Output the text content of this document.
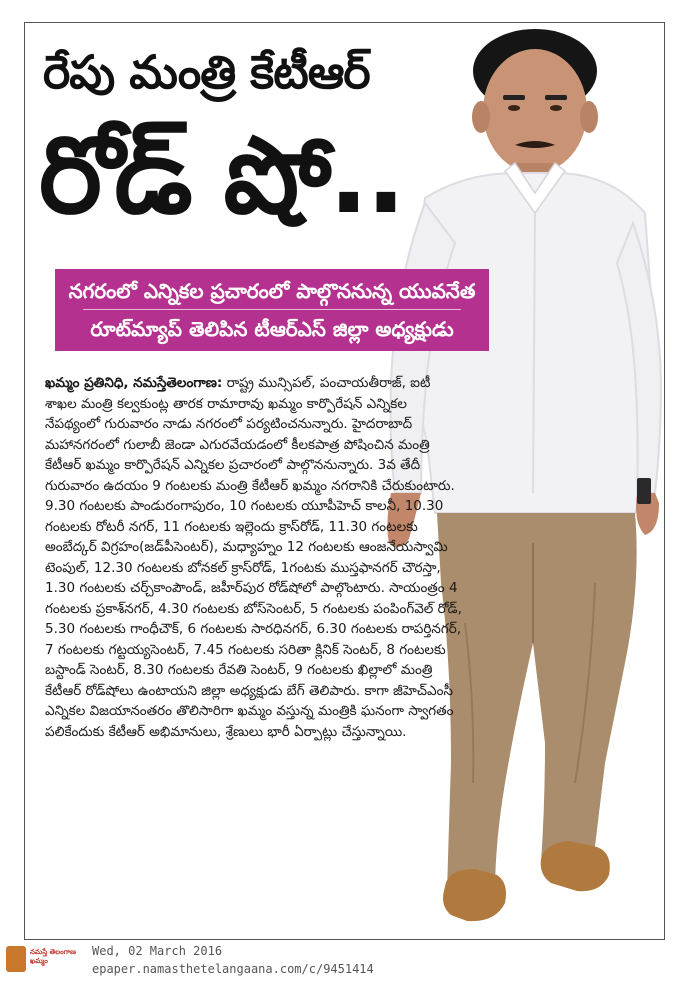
రేపు మంత్రి కేటీఆర్
రోడ్ షో..
నగరంలో ఎన్నికల ప్రచారంలో పాల్గొననున్న యువనేత
రూట్‌మ్యాప్ తెలిపిన టీఆర్ఎస్ జిల్లా అధ్యక్షుడు

ఖమ్మం ప్రతినిధి, నమస్తేతెలంగాణ: రాష్ట్ర మున్సిపల్, పంచాయతీరాజ్, ఐటీ శాఖల మంత్రి కల్వకుంట్ల తారక రామారావు ఖమ్మం కార్పొరేషన్ ఎన్నికల నేపథ్యంలో గురువారం నాడు నగరంలో పర్యటించనున్నారు. హైదరాబాద్ మహానగరంలో గులాబీ జెండా ఎగురవేయడంలో కీలకపాత్ర పోషించిన మంత్రి కేటీఆర్ ఖమ్మం కార్పొరేషన్ ఎన్నికల ప్రచారంలో పాల్గొననున్నారు. 3వ తేదీ గురువారం ఉదయం 9 గంటలకు మంత్రి కేటీఆర్ ఖమ్మం నగరానికి చేరుకుంటారు. 9.30 గంటలకు పాండురంగాపురం, 10 గంటలకు యూపీహెచ్ కాలనీ, 10.30 గంటలకు రోటరీ నగర్, 11 గంటలకు ఇల్లెందు క్రాస్‌రోడ్, 11.30 గంటలకు అంబేద్కర్ విగ్రహం(జడ్‌పీసెంటర్), మధ్యాహ్నం 12 గంటలకు ఆంజనేయస్వామి టెంపుల్, 12.30 గంటలకు బోనకల్ క్రాస్‌రోడ్, 1గంటకు ముస్తఫానగర్ చౌరస్తా, 1.30 గంటలకు చర్చ్‌కాంపౌండ్, జహీర్‌పుర రోడ్‌షోలో పాల్గొంటారు. సాయంత్రం 4 గంటలకు ప్రకాశ్‌నగర్, 4.30 గంటలకు బోస్‌సెంటర్, 5 గంటలకు పంపింగ్‌వెల్ రోడ్, 5.30 గంటలకు గాంధీచౌక్, 6 గంటలకు సారధినగర్, 6.30 గంటలకు రాపర్తినగర్, 7 గంటలకు గట్టయ్యసెంటర్, 7.45 గంటలకు సరితా క్లినిక్ సెంటర్, 8 గంటలకు బస్టాండ్ సెంటర్, 8.30 గంటలకు రేవతి సెంటర్, 9 గంటలకు ఖిల్లాలో మంత్రి కేటీఆర్ రోడ్‌షోలు ఉంటాయని జిల్లా అధ్యక్షుడు బేగ్ తెలిపారు. కాగా జీహెచ్ఎంసీ ఎన్నికల విజయానంతరం తొలిసారిగా ఖమ్మం వస్తున్న మంత్రికి ఘనంగా స్వాగతం పలికేందుకు కేటీఆర్ అభిమానులు, శ్రేణులు భారీ ఏర్పాట్లు చేస్తున్నాయి.

నమస్తే తెలంగాణ ఖమ్మం
Wed, 02 March 2016
epaper.namasthetelangaana.com/c/9451414
